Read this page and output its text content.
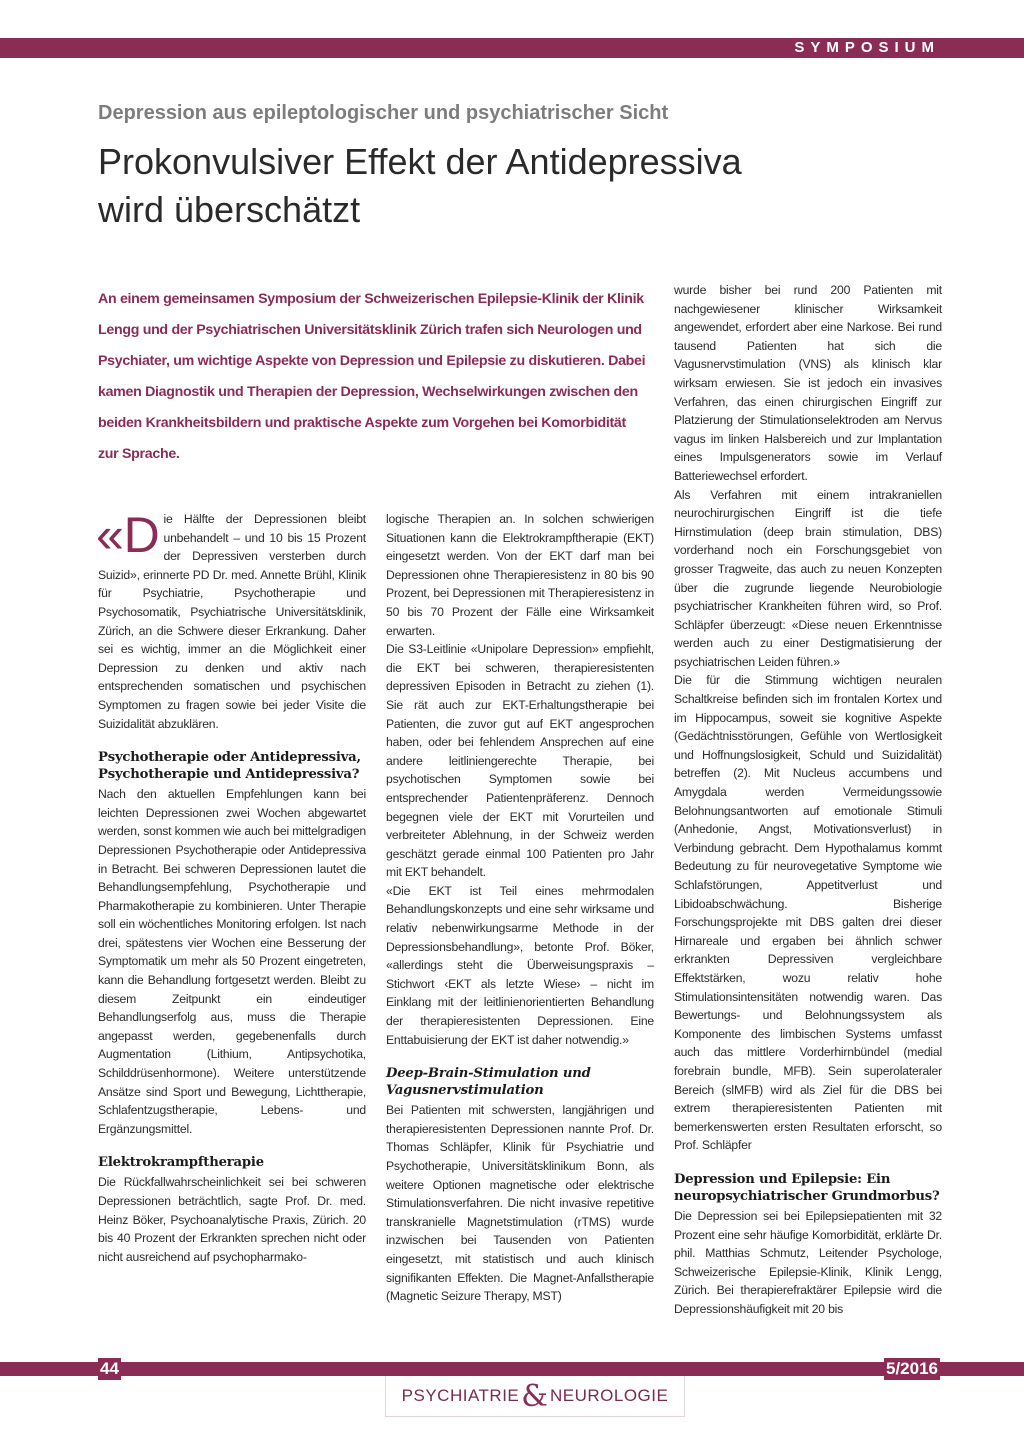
SYMPOSIUM
Depression aus epileptologischer und psychiatrischer Sicht
Prokonvulsiver Effekt der Antidepressiva
wird überschätzt
An einem gemeinsamen Symposium der Schweizerischen Epilepsie-Klinik der Klinik Lengg und der Psychiatrischen Universitätsklinik Zürich trafen sich Neurologen und Psychiater, um wichtige Aspekte von Depression und Epilepsie zu diskutieren. Dabei kamen Diagnostik und Therapien der Depression, Wechselwirkungen zwischen den beiden Krankheitsbildern und praktische Aspekte zum Vorgehen bei Komorbidität zur Sprache.

«Die Hälfte der Depressionen bleibt unbehandelt – und 10 bis 15 Prozent der Depressiven versterben durch Suizid», erinnerte PD Dr. med. Annette Brühl, Klinik für Psychiatrie, Psychotherapie und Psychosomatik, Psychiatrische Universitätsklinik, Zürich, an die Schwere dieser Erkrankung. Daher sei es wichtig, immer an die Möglichkeit einer Depression zu denken und aktiv nach entsprechenden somatischen und psychischen Symptomen zu fragen sowie bei jeder Visite die Suizidalität abzuklären.

Psychotherapie oder Antidepressiva, Psychotherapie und Antidepressiva?

Nach den aktuellen Empfehlungen kann bei leichten Depressionen zwei Wochen abgewartet werden, sonst kommen wie auch bei mittelgradigen Depressionen Psychotherapie oder Antidepressiva in Betracht. Bei schweren Depressionen lautet die Behandlungsempfehlung, Psychotherapie und Pharmakotherapie zu kombinieren. Unter Therapie soll ein wöchentliches Monitoring erfolgen. Ist nach drei, spätestens vier Wochen eine Besserung der Symptomatik um mehr als 50 Prozent eingetreten, kann die Behandlung fortgesetzt werden. Bleibt zu diesem Zeitpunkt ein eindeutiger Behandlungserfolg aus, muss die Therapie angepasst werden, gegebenenfalls durch Augmentation (Lithium, Antipsychotika, Schilddrüsenhormone). Weitere unterstützende Ansätze sind Sport und Bewegung, Lichttherapie, Schlafentzugstherapie, Lebens- und Ergänzungsmittel.

Elektrokrampftherapie

Die Rückfallwahrscheinlichkeit sei bei schweren Depressionen beträchtlich, sagte Prof. Dr. med. Heinz Böker, Psychoanalytische Praxis, Zürich. 20 bis 40 Prozent der Erkrankten sprechen nicht oder nicht ausreichend auf psychopharmako-

logische Therapien an. In solchen schwierigen Situationen kann die Elektrokrampftherapie (EKT) eingesetzt werden. Von der EKT darf man bei Depressionen ohne Therapieresistenz in 80 bis 90 Prozent, bei Depressionen mit Therapieresistenz in 50 bis 70 Prozent der Fälle eine Wirksamkeit erwarten.

Die S3-Leitlinie «Unipolare Depression» empfiehlt, die EKT bei schweren, therapieresistenten depressiven Episoden in Betracht zu ziehen (1). Sie rät auch zur EKT-Erhaltungstherapie bei Patienten, die zuvor gut auf EKT angesprochen haben, oder bei fehlendem Ansprechen auf eine andere leitliniengerechte Therapie, bei psychotischen Symptomen sowie bei entsprechender Patientenpräferenz. Dennoch begegnen viele der EKT mit Vorurteilen und verbreiteter Ablehnung, in der Schweiz werden geschätzt gerade einmal 100 Patienten pro Jahr mit EKT behandelt.

«Die EKT ist Teil eines mehrmodalen Behandlungskonzepts und eine sehr wirksame und relativ nebenwirkungsarme Methode in der Depressionsbehandlung», betonte Prof. Böker, «allerdings steht die Überweisungspraxis – Stichwort ‹EKT als letzte Wiese› – nicht im Einklang mit der leitlinienorientierten Behandlung der therapieresistenten Depressionen. Eine Enttabuisierung der EKT ist daher notwendig.»

Deep-Brain-Stimulation und Vagusnervstimulation

Bei Patienten mit schwersten, langjährigen und therapieresistenten Depressionen nannte Prof. Dr. Thomas Schläpfer, Klinik für Psychiatrie und Psychotherapie, Universitätsklinikum Bonn, als weitere Optionen magnetische oder elektrische Stimulationsverfahren. Die nicht invasive repetitive transkranielle Magnetstimulation (rTMS) wurde inzwischen bei Tausenden von Patienten eingesetzt, mit statistisch und auch klinisch signifikanten Effekten. Die Magnet-Anfallstherapie (Magnetic Seizure Therapy, MST)

wurde bisher bei rund 200 Patienten mit nachgewiesener klinischer Wirksamkeit angewendet, erfordert aber eine Narkose. Bei rund tausend Patienten hat sich die Vagusnervstimulation (VNS) als klinisch klar wirksam erwiesen. Sie ist jedoch ein invasives Verfahren, das einen chirurgischen Eingriff zur Platzierung der Stimulationselektroden am Nervus vagus im linken Halsbereich und zur Implantation eines Impulsgenerators sowie im Verlauf Batteriewechsel erfordert.

Als Verfahren mit einem intrakraniellen neurochirurgischen Eingriff ist die tiefe Hirnstimulation (deep brain stimulation, DBS) vorderhand noch ein Forschungsgebiet von grosser Tragweite, das auch zu neuen Konzepten über die zugrunde liegende Neurobiologie psychiatrischer Krankheiten führen wird, so Prof. Schläpfer überzeugt: «Diese neuen Erkenntnisse werden auch zu einer Destigmatisierung der psychiatrischen Leiden führen.»

Die für die Stimmung wichtigen neuralen Schaltkreise befinden sich im frontalen Kortex und im Hippocampus, soweit sie kognitive Aspekte (Gedächtnisstörungen, Gefühle von Wertlosigkeit und Hoffnungslosigkeit, Schuld und Suizidalität) betreffen (2). Mit Nucleus accumbens und Amygdala werden Vermeidungssowie Belohnungsantworten auf emotionale Stimuli (Anhedonie, Angst, Motivationsverlust) in Verbindung gebracht. Dem Hypothalamus kommt Bedeutung zu für neurovegetative Symptome wie Schlafstörungen, Appetitverlust und Libidoabschwächung. Bisherige Forschungsprojekte mit DBS galten drei dieser Hirnareale und ergaben bei ähnlich schwer erkrankten Depressiven vergleichbare Effektstärken, wozu relativ hohe Stimulationsintensitäten notwendig waren. Das Bewertungs- und Belohnungssystem als Komponente des limbischen Systems umfasst auch das mittlere Vorderhirnbündel (medial forebrain bundle, MFB). Sein superolateraler Bereich (slMFB) wird als Ziel für die DBS bei extrem therapieresistenten Patienten mit bemerkenswerten ersten Resultaten erforscht, so Prof. Schläpfer

Depression und Epilepsie: Ein neuropsychiatrischer Grundmorbus?

Die Depression sei bei Epilepsiepatienten mit 32 Prozent eine sehr häufige Komorbidität, erklärte Dr. phil. Matthias Schmutz, Leitender Psychologe, Schweizerische Epilepsie-Klinik, Klinik Lengg, Zürich. Bei therapierefraktärer Epilepsie wird die Depressionshäufigkeit mit 20 bis

44	5/2016
PSYCHIATRIE& NEUROLOGIE
